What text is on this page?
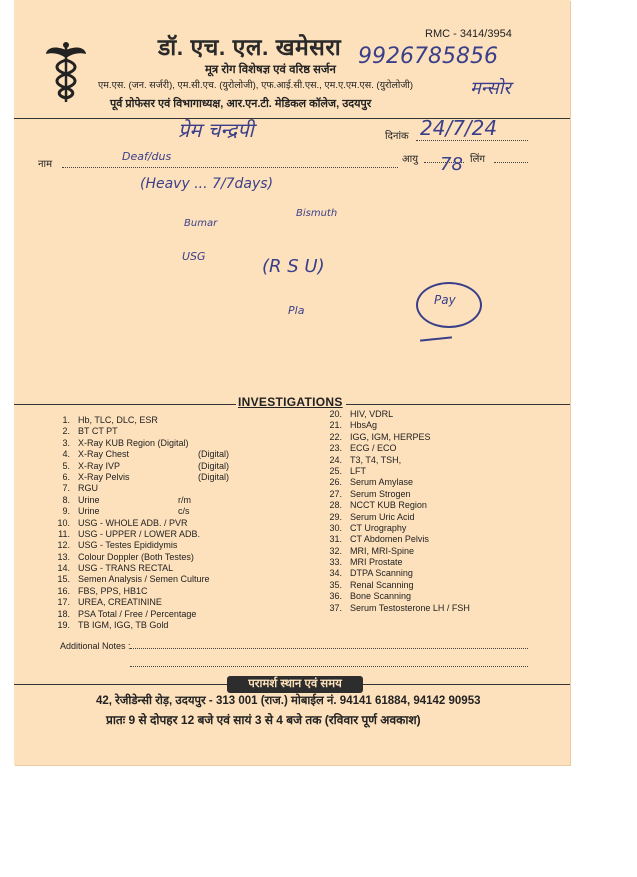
डॉ. एच. एल. खमेसरा	RMC - 3414/3954
मूत्र रोग विशेषज्ञ एवं वरिष्ठ सर्जन
एम.एस. (जन. सर्जरी), एम.सी.एच. (युरोलोजी), एफ.आई.सी.एस., एम.ए.एम.एस. (युरोलोजी)
पूर्व प्रोफेसर एवं विभागाध्यक्ष, आर.एन.टी. मेडिकल कॉलेज, उदयपुर
9926785856
मन्सोर
प्रेम चन्द्रपी	दिनांक 24/7/24
नाम
Deaf/dus	आयु 78 लिंग
(Heavy ... 7/7days)
Bismuth
Bumar
USG	(R S U)
Pla
Pay
INVESTIGATIONS
1. Hb, TLC, DLC, ESR
2. BT CT PT
3. X-Ray KUB Region (Digital)
4. X-Ray Chest	(Digital)
5. X-Ray IVP	(Digital)
6. X-Ray Pelvis	(Digital)
7. RGU
8. Urine	r/m
9. Urine	c/s
10. USG - WHOLE ADB. / PVR
11. USG - UPPER / LOWER ADB.
12. USG - Testes Epididymis
13. Colour Doppler (Both Testes)
14. USG - TRANS RECTAL
15. Semen Analysis / Semen Culture
16. FBS, PPS, HB1C
17. UREA, CREATININE
18. PSA Total / Free / Percentage
19. TB IGM, IGG, TB Gold
20. HIV, VDRL
21. HbsAg
22. IGG, IGM, HERPES
23. ECG / ECO
24. T3, T4, TSH,
25. LFT
26. Serum Amylase
27. Serum Strogen
28. NCCT KUB Region
29. Serum Uric Acid
30. CT Urography
31. CT Abdomen Pelvis
32. MRI, MRI-Spine
33. MRI Prostate
34. DTPA Scanning
35. Renal Scanning
36. Bone Scanning
37. Serum Testosterone LH / FSH
Additional Notes :
परामर्श स्थान एवं समय
42, रेजीडेन्सी रोड़, उदयपुर - 313 001 (राज.) मोबाईल नं. 94141 61884, 94142 90953
प्रातः 9 से दोपहर 12 बजे एवं सायं 3 से 4 बजे तक (रविवार पूर्ण अवकाश)
